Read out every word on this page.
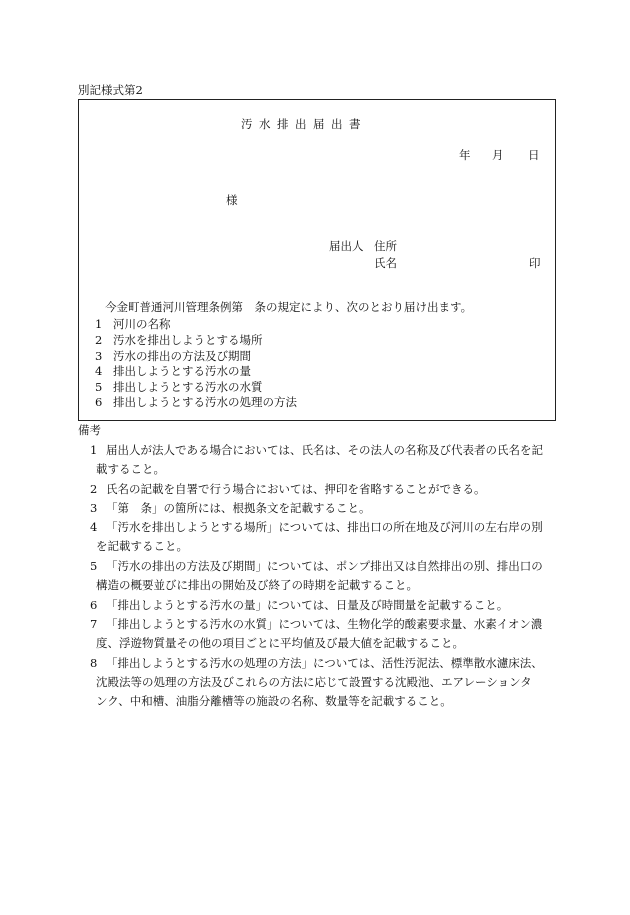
別記様式第2
汚水排出届出書
年 月 日
様
届出人 住所
氏名	印
今金町普通河川管理条例第　条の規定により、次のとおり届け出ます。
1 河川の名称
2 汚水を排出しようとする場所
3 汚水の排出の方法及び期間
4 排出しようとする汚水の量
5 排出しようとする汚水の水質
6 排出しようとする汚水の処理の方法
備考
1 届出人が法人である場合においては、氏名は、その法人の名称及び代表者の氏名を記
載すること。
2 氏名の記載を自署で行う場合においては、押印を省略することができる。
3 「第　条」の箇所には、根拠条文を記載すること。
4 「汚水を排出しようとする場所」については、排出口の所在地及び河川の左右岸の別
を記載すること。
5 「汚水の排出の方法及び期間」については、ポンプ排出又は自然排出の別、排出口の
構造の概要並びに排出の開始及び終了の時期を記載すること。
6 「排出しようとする汚水の量」については、日量及び時間量を記載すること。
7 「排出しようとする汚水の水質」については、生物化学的酸素要求量、水素イオン濃
度、浮遊物質量その他の項目ごとに平均値及び最大値を記載すること。
8 「排出しようとする汚水の処理の方法」については、活性汚泥法、標準散水濾床法、
沈殿法等の処理の方法及びこれらの方法に応じて設置する沈殿池、エアレーションタ
ンク、中和槽、油脂分離槽等の施設の名称、数量等を記載すること。
